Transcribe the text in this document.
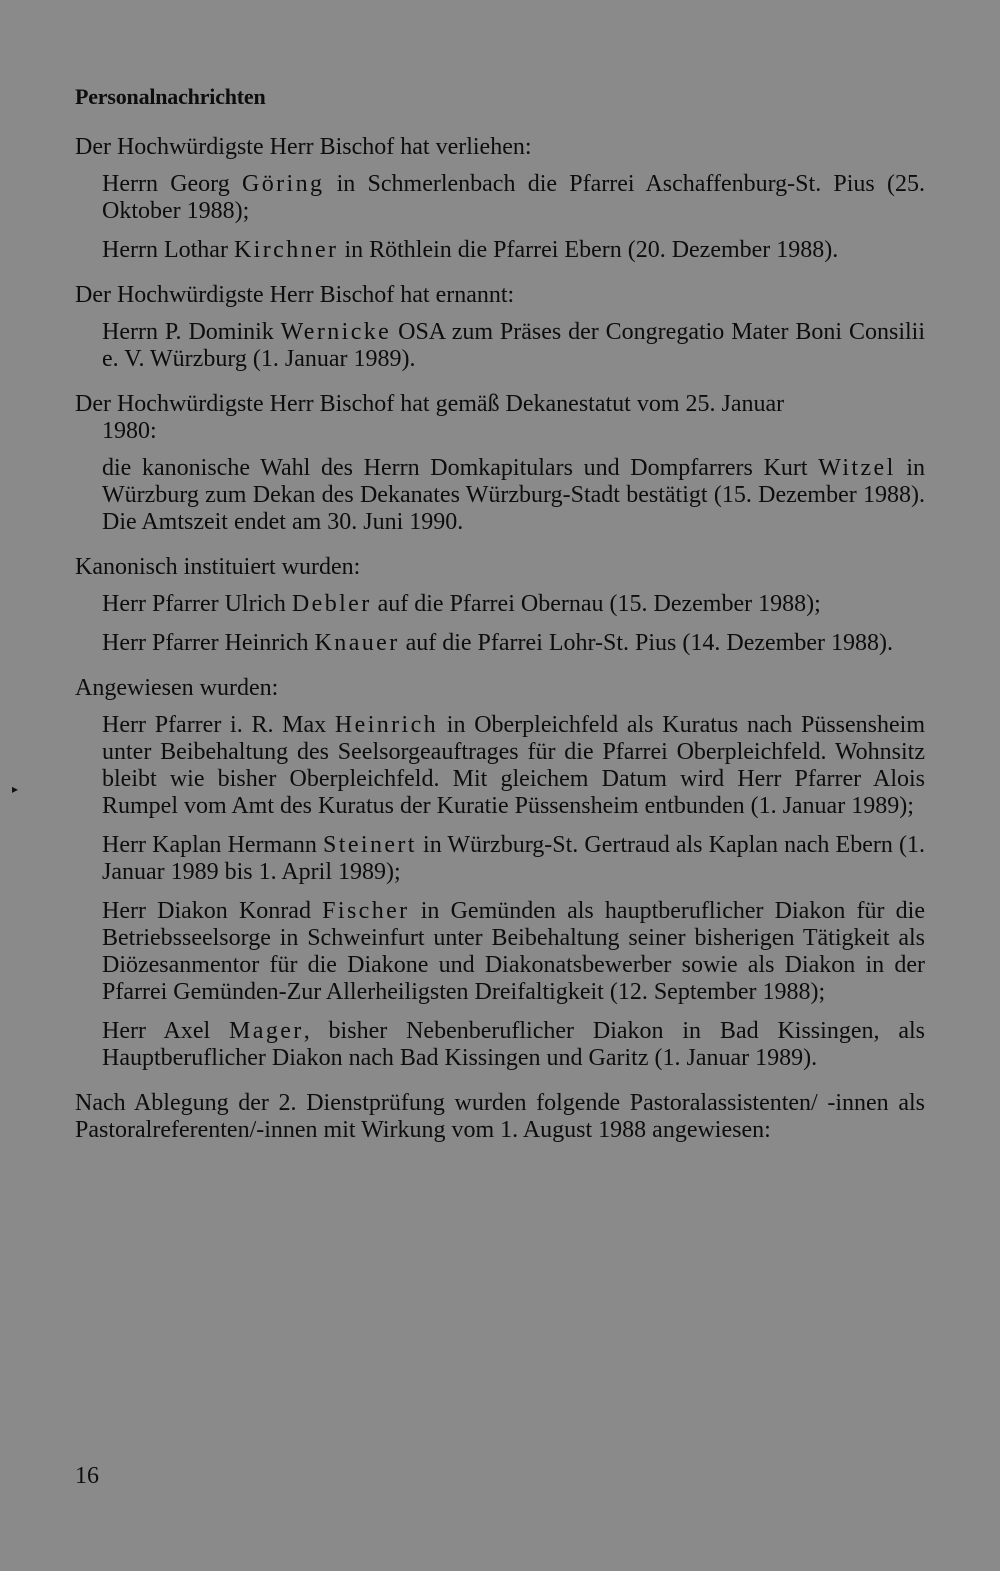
Personalnachrichten
Der Hochwürdigste Herr Bischof hat verliehen:
Herrn Georg Göring in Schmerlenbach die Pfarrei Aschaffenburg-St. Pius (25. Oktober 1988);
Herrn Lothar Kirchner in Röthlein die Pfarrei Ebern (20. Dezember 1988).
Der Hochwürdigste Herr Bischof hat ernannt:
Herrn P. Dominik Wernicke OSA zum Präses der Congregatio Mater Boni Consilii e. V. Würzburg (1. Januar 1989).
Der Hochwürdigste Herr Bischof hat gemäß Dekanestatut vom 25. Januar
1980:
die kanonische Wahl des Herrn Domkapitulars und Dompfarrers Kurt Witzel in Würzburg zum Dekan des Dekanates Würzburg-Stadt bestätigt (15. Dezember 1988). Die Amtszeit endet am 30. Juni 1990.
Kanonisch instituiert wurden:
Herr Pfarrer Ulrich Debler auf die Pfarrei Obernau (15. Dezember 1988);
Herr Pfarrer Heinrich Knauer auf die Pfarrei Lohr-St. Pius (14. Dezember 1988).
Angewiesen wurden:
Herr Pfarrer i. R. Max Heinrich in Oberpleichfeld als Kuratus nach Püssensheim unter Beibehaltung des Seelsorgeauftrages für die Pfarrei Oberpleichfeld. Wohnsitz bleibt wie bisher Oberpleichfeld. Mit gleichem Datum wird Herr Pfarrer Alois Rumpel vom Amt des Kuratus der Kuratie Püssensheim entbunden (1. Januar 1989);
Herr Kaplan Hermann Steinert in Würzburg-St. Gertraud als Kaplan nach Ebern (1. Januar 1989 bis 1. April 1989);
Herr Diakon Konrad Fischer in Gemünden als hauptberuflicher Diakon für die Betriebsseelsorge in Schweinfurt unter Beibehaltung seiner bisherigen Tätigkeit als Diözesanmentor für die Diakone und Diakonatsbewerber sowie als Diakon in der Pfarrei Gemünden-Zur Allerheiligsten Dreifaltigkeit (12. September 1988);
Herr Axel Mager, bisher Nebenberuflicher Diakon in Bad Kissingen, als Hauptberuflicher Diakon nach Bad Kissingen und Garitz (1. Januar 1989).
Nach Ablegung der 2. Dienstprüfung wurden folgende Pastoralassistenten/ -innen als Pastoralreferenten/-innen mit Wirkung vom 1. August 1988 angewiesen:
16
▸
